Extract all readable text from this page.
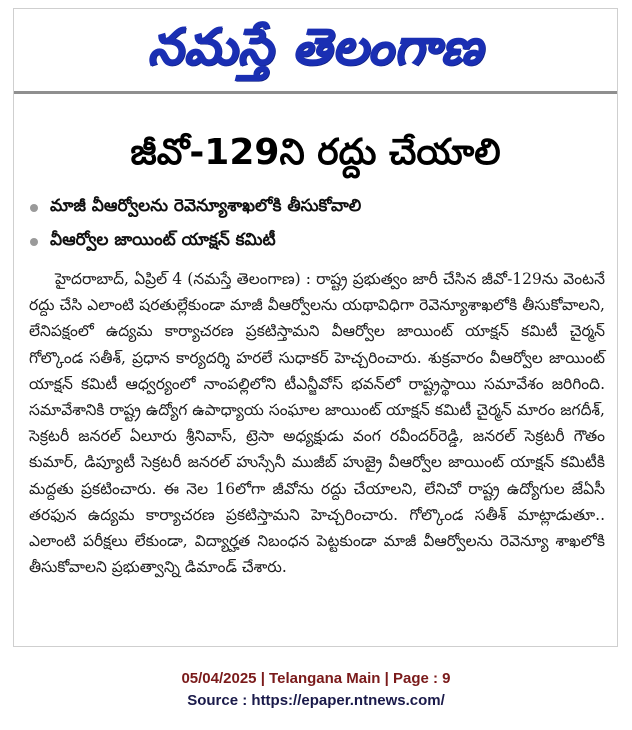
నమస్తే తెలంగాణ
జీవో-129ని రద్దు చేయాలి
మాజీ వీఆర్వోలను రెవెన్యూశాఖలోకి తీసుకోవాలి
వీఆర్వోల జాయింట్ యాక్షన్ కమిటీ

హైదరాబాద్, ఏప్రిల్ 4 (నమస్తే తెలంగాణ) : రాష్ట్ర ప్రభుత్వం జారీ చేసిన జీవో-129ను వెంటనే రద్దు చేసి ఎలాంటి షరతుల్లేకుండా మాజీ వీఆర్వోలను యథావిధిగా రెవెన్యూశాఖలోకి తీసుకోవాలని, లేనిపక్షంలో ఉద్యమ కార్యాచరణ ప్రకటిస్తామని వీఆర్వోల జాయింట్ యాక్షన్ కమిటీ చైర్మన్ గోల్కొండ సతీశ్, ప్రధాన కార్యదర్శి హరలే సుధాకర్ హెచ్చరించారు. శుక్రవారం వీఆర్వోల జాయింట్ యాక్షన్ కమిటీ ఆధ్వర్యంలో నాంపల్లిలోని టీఎన్జీవోస్ భవన్‌లో రాష్ట్రస్థాయి సమావేశం జరిగింది. సమావేశానికి రాష్ట్ర ఉద్యోగ ఉపాధ్యాయ సంఘాల జాయింట్ యాక్షన్ కమిటీ చైర్మన్ మారం జగదీశ్, సెక్రటరీ జనరల్ ఏలూరు శ్రీనివాస్, ట్రెసా అధ్యక్షుడు వంగ రవీందర్‌రెడ్డి, జనరల్ సెక్రటరీ గౌతం కుమార్, డిప్యూటీ సెక్రటరీ జనరల్ హుస్సేనీ ముజీబ్ హుజ్రై వీఆర్వోల జాయింట్ యాక్షన్ కమిటీకి మద్దతు ప్రకటించారు. ఈ నెల 16లోగా జీవోను రద్దు చేయాలని, లేనిచో రాష్ట్ర ఉద్యోగుల జేఏసీ తరఫున ఉద్యమ కార్యాచరణ ప్రకటిస్తామని హెచ్చరించారు. గోల్కొండ సతీశ్ మాట్లాడుతూ.. ఎలాంటి పరీక్షలు లేకుండా, విద్యార్హత నిబంధన పెట్టకుండా మాజీ వీఆర్వోలను రెవెన్యూ శాఖలోకి తీసుకోవాలని ప్రభుత్వాన్ని డిమాండ్ చేశారు.

05/04/2025 | Telangana Main | Page : 9
Source : https://epaper.ntnews.com/
